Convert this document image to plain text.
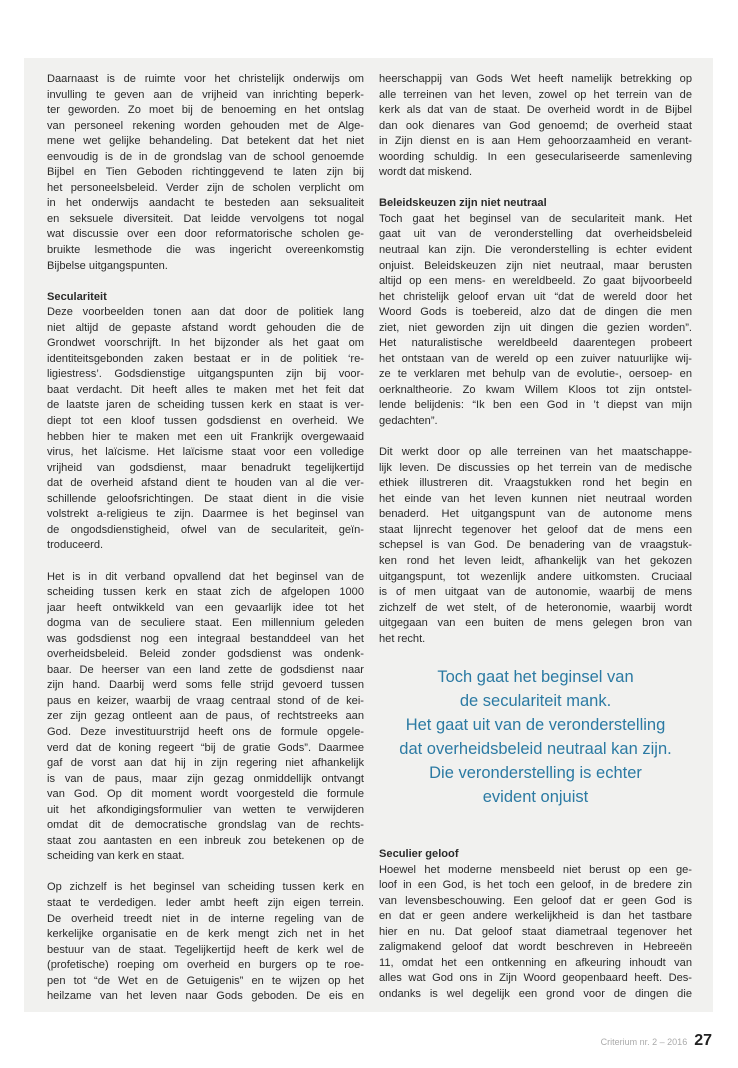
Daarnaast is de ruimte voor het christelijk onderwijs om
invulling te geven aan de vrijheid van inrichting beperk-
ter geworden. Zo moet bij de benoeming en het ontslag
van personeel rekening worden gehouden met de Alge-
mene wet gelijke behandeling. Dat betekent dat het niet
eenvoudig is de in de grondslag van de school genoemde
Bijbel en Tien Geboden richtinggevend te laten zijn bij
het personeelsbeleid. Verder zijn de scholen verplicht om
in het onderwijs aandacht te besteden aan seksualiteit
en seksuele diversiteit. Dat leidde vervolgens tot nogal
wat discussie over een door reformatorische scholen ge-
bruikte lesmethode die was ingericht overeenkomstig
Bijbelse uitgangspunten.
Seculariteit
Deze voorbeelden tonen aan dat door de politiek lang
niet altijd de gepaste afstand wordt gehouden die de
Grondwet voorschrijft. In het bijzonder als het gaat om
identiteitsgebonden zaken bestaat er in de politiek ‘re-
ligiestress’. Godsdienstige uitgangspunten zijn bij voor-
baat verdacht. Dit heeft alles te maken met het feit dat
de laatste jaren de scheiding tussen kerk en staat is ver-
diept tot een kloof tussen godsdienst en overheid. We
hebben hier te maken met een uit Frankrijk overgewaaid
virus, het laïcisme. Het laïcisme staat voor een volledige
vrijheid van godsdienst, maar benadrukt tegelijkertijd
dat de overheid afstand dient te houden van al die ver-
schillende geloofsrichtingen. De staat dient in die visie
volstrekt a-religieus te zijn. Daarmee is het beginsel van
de ongodsdienstigheid, ofwel van de seculariteit, geïn-
troduceerd.
Het is in dit verband opvallend dat het beginsel van de
scheiding tussen kerk en staat zich de afgelopen 1000
jaar heeft ontwikkeld van een gevaarlijk idee tot het
dogma van de seculiere staat. Een millennium geleden
was godsdienst nog een integraal bestanddeel van het
overheidsbeleid. Beleid zonder godsdienst was ondenk-
baar. De heerser van een land zette de godsdienst naar
zijn hand. Daarbij werd soms felle strijd gevoerd tussen
paus en keizer, waarbij de vraag centraal stond of de kei-
zer zijn gezag ontleent aan de paus, of rechtstreeks aan
God. Deze investituurstrijd heeft ons de formule opgele-
verd dat de koning regeert “bij de gratie Gods”. Daarmee
gaf de vorst aan dat hij in zijn regering niet afhankelijk
is van de paus, maar zijn gezag onmiddellijk ontvangt
van God. Op dit moment wordt voorgesteld die formule
uit het afkondigingsformulier van wetten te verwijderen
omdat dit de democratische grondslag van de rechts-
staat zou aantasten en een inbreuk zou betekenen op de
scheiding van kerk en staat.
Op zichzelf is het beginsel van scheiding tussen kerk en
staat te verdedigen. Ieder ambt heeft zijn eigen terrein.
De overheid treedt niet in de interne regeling van de
kerkelijke organisatie en de kerk mengt zich net in het
bestuur van de staat. Tegelijkertijd heeft de kerk wel de
(profetische) roeping om overheid en burgers op te roe-
pen tot “de Wet en de Getuigenis” en te wijzen op het
heilzame van het leven naar Gods geboden. De eis en
heerschappij van Gods Wet heeft namelijk betrekking op
alle terreinen van het leven, zowel op het terrein van de
kerk als dat van de staat. De overheid wordt in de Bijbel
dan ook dienares van God genoemd; de overheid staat
in Zijn dienst en is aan Hem gehoorzaamheid en verant-
woording schuldig. In een geseculariseerde samenleving
wordt dat miskend.
Beleidskeuzen zijn niet neutraal
Toch gaat het beginsel van de seculariteit mank. Het
gaat uit van de veronderstelling dat overheidsbeleid
neutraal kan zijn. Die veronderstelling is echter evident
onjuist. Beleidskeuzen zijn niet neutraal, maar berusten
altijd op een mens- en wereldbeeld. Zo gaat bijvoorbeeld
het christelijk geloof ervan uit “dat de wereld door het
Woord Gods is toebereid, alzo dat de dingen die men
ziet, niet geworden zijn uit dingen die gezien worden”.
Het naturalistische wereldbeeld daarentegen probeert
het ontstaan van de wereld op een zuiver natuurlijke wij-
ze te verklaren met behulp van de evolutie-, oersoep- en
oerknaltheorie. Zo kwam Willem Kloos tot zijn ontstel-
lende belijdenis: “Ik ben een God in ’t diepst van mijn
gedachten”.
Dit werkt door op alle terreinen van het maatschappe-
lijk leven. De discussies op het terrein van de medische
ethiek illustreren dit. Vraagstukken rond het begin en
het einde van het leven kunnen niet neutraal worden
benaderd. Het uitgangspunt van de autonome mens
staat lijnrecht tegenover het geloof dat de mens een
schepsel is van God. De benadering van de vraagstuk-
ken rond het leven leidt, afhankelijk van het gekozen
uitgangspunt, tot wezenlijk andere uitkomsten. Cruciaal
is of men uitgaat van de autonomie, waarbij de mens
zichzelf de wet stelt, of de heteronomie, waarbij wordt
uitgegaan van een buiten de mens gelegen bron van
het recht.
Toch gaat het beginsel van
de seculariteit mank.
Het gaat uit van de veronderstelling
dat overheidsbeleid neutraal kan zijn.
Die veronderstelling is echter
evident onjuist
Seculier geloof
Hoewel het moderne mensbeeld niet berust op een ge-
loof in een God, is het toch een geloof, in de bredere zin
van levensbeschouwing. Een geloof dat er geen God is
en dat er geen andere werkelijkheid is dan het tastbare
hier en nu. Dat geloof staat diametraal tegenover het
zaligmakend geloof dat wordt beschreven in Hebreeën
11, omdat het een ontkenning en afkeuring inhoudt van
alles wat God ons in Zijn Woord geopenbaard heeft. Des-
ondanks is wel degelijk een grond voor de dingen die
Criterium nr. 2 – 2016 27
